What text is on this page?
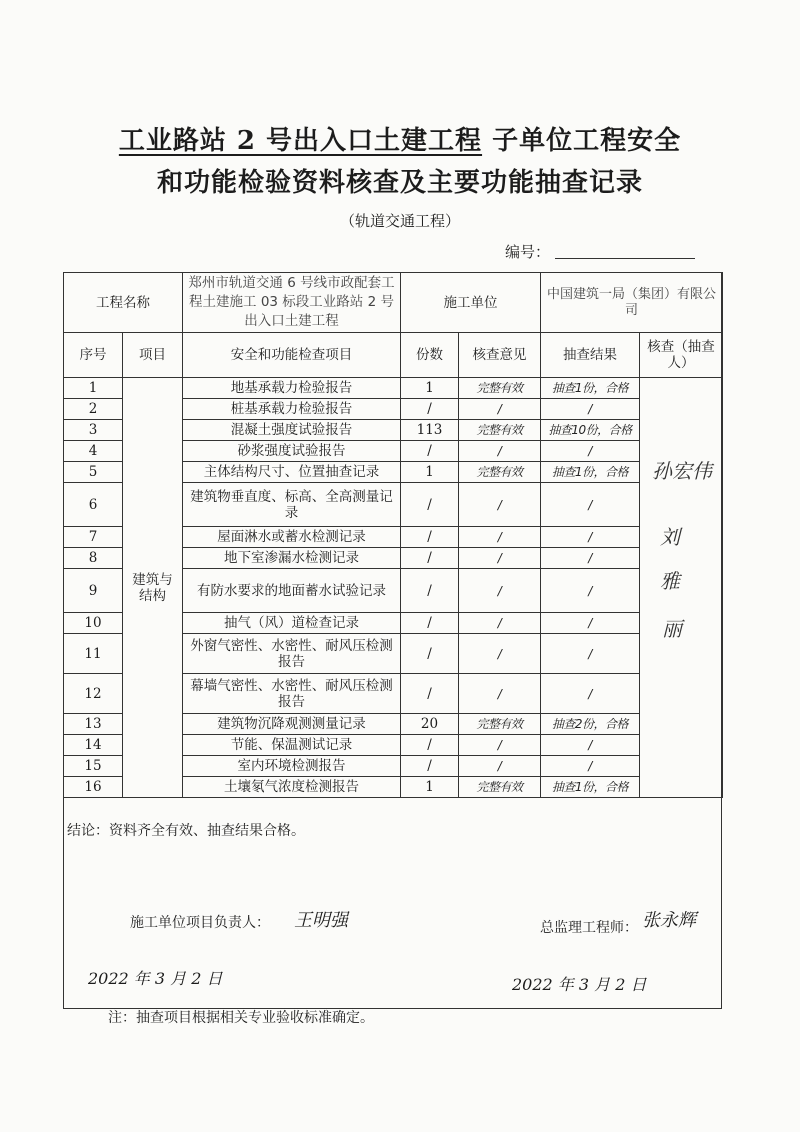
工业路站 2 号出入口土建工程 子单位工程安全
和功能检验资料核查及主要功能抽查记录
（轨道交通工程）
编号：
工程名称		郑州市轨道交通 6 号线市政配套工程土建施工 03 标段工业路站 2 号出入口土建工程	施工单位		中国建筑一局（集团）有限公司	
序号	项目	安全和功能检查项目	份数	核查意见	抽查结果	核查（抽查人）
1	建筑与结构	地基承载力检验报告	1	完整有效	抽查1份，合格	
2		桩基承载力检验报告	/	/	/	
3		混凝土强度试验报告	113	完整有效	抽查10份，合格	
4		砂浆强度试验报告	/	/	/	
5		主体结构尺寸、位置抽查记录	1	完整有效	抽查1份，合格	
6		建筑物垂直度、标高、全高测量记录	/	/	/	
7		屋面淋水或蓄水检测记录	/	/	/	
8		地下室渗漏水检测记录	/	/	/	
9		有防水要求的地面蓄水试验记录	/	/	/	
10		抽气（风）道检查记录	/	/	/	
11		外窗气密性、水密性、耐风压检测报告	/	/	/	
12		幕墙气密性、水密性、耐风压检测报告	/	/	/	
13		建筑物沉降观测测量记录	20	完整有效	抽查2份，合格	
14		节能、保温测试记录	/	/	/	
15		室内环境检测报告	/	/	/	
16		土壤氡气浓度检测报告	1	完整有效	抽查1份，合格	
孙宏伟
刘
雅
丽
结论：资料齐全有效、抽查结果合格。
施工单位项目负责人： 王明强	总监理工程师： 张永辉
2022 年 3 月 2 日	2022 年 3 月 2 日
注：抽查项目根据相关专业验收标准确定。
